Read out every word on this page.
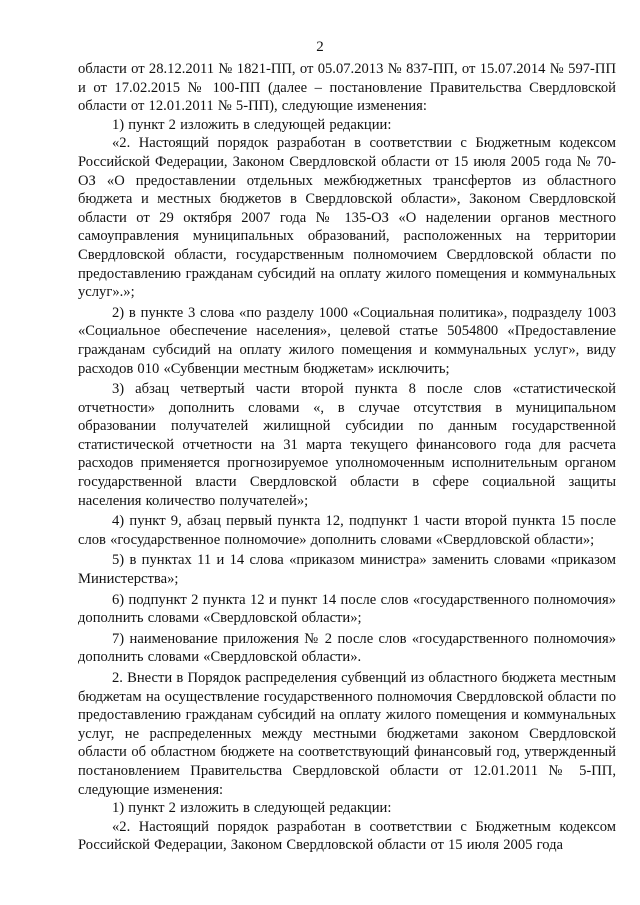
2

области от 28.12.2011 № 1821-ПП, от 05.07.2013 № 837-ПП, от 15.07.2014 № 597-ПП и от 17.02.2015 № 100-ПП (далее – постановление Правительства Свердловской области от 12.01.2011 № 5-ПП), следующие изменения:

1) пункт 2 изложить в следующей редакции:

«2. Настоящий порядок разработан в соответствии с Бюджетным кодексом Российской Федерации, Законом Свердловской области от 15 июля 2005 года № 70-ОЗ «О предоставлении отдельных межбюджетных трансфертов из областного бюджета и местных бюджетов в Свердловской области», Законом Свердловской области от 29 октября 2007 года № 135-ОЗ «О наделении органов местного самоуправления муниципальных образований, расположенных на территории Свердловской области, государственным полномочием Свердловской области по предоставлению гражданам субсидий на оплату жилого помещения и коммунальных услуг».»;

2) в пункте 3 слова «по разделу 1000 «Социальная политика», подразделу 1003 «Социальное обеспечение населения», целевой статье 5054800 «Предоставление гражданам субсидий на оплату жилого помещения и коммунальных услуг», виду расходов 010 «Субвенции местным бюджетам» исключить;

3) абзац четвертый части второй пункта 8 после слов «статистической отчетности» дополнить словами «, в случае отсутствия в муниципальном образовании получателей жилищной субсидии по данным государственной статистической отчетности на 31 марта текущего финансового года для расчета расходов применяется прогнозируемое уполномоченным исполнительным органом государственной власти Свердловской области в сфере социальной защиты населения количество получателей»;

4) пункт 9, абзац первый пункта 12, подпункт 1 части второй пункта 15 после слов «государственное полномочие» дополнить словами «Свердловской области»;

5) в пунктах 11 и 14 слова «приказом министра» заменить словами «приказом Министерства»;

6) подпункт 2 пункта 12 и пункт 14 после слов «государственного полномочия» дополнить словами «Свердловской области»;

7) наименование приложения № 2 после слов «государственного полномочия» дополнить словами «Свердловской области».

2. Внести в Порядок распределения субвенций из областного бюджета местным бюджетам на осуществление государственного полномочия Свердловской области по предоставлению гражданам субсидий на оплату жилого помещения и коммунальных услуг, не распределенных между местными бюджетами законом Свердловской области об областном бюджете на соответствующий финансовый год, утвержденный постановлением Правительства Свердловской области от 12.01.2011 № 5-ПП, следующие изменения:

1) пункт 2 изложить в следующей редакции:

«2. Настоящий порядок разработан в соответствии с Бюджетным кодексом Российской Федерации, Законом Свердловской области от 15 июля 2005 года
